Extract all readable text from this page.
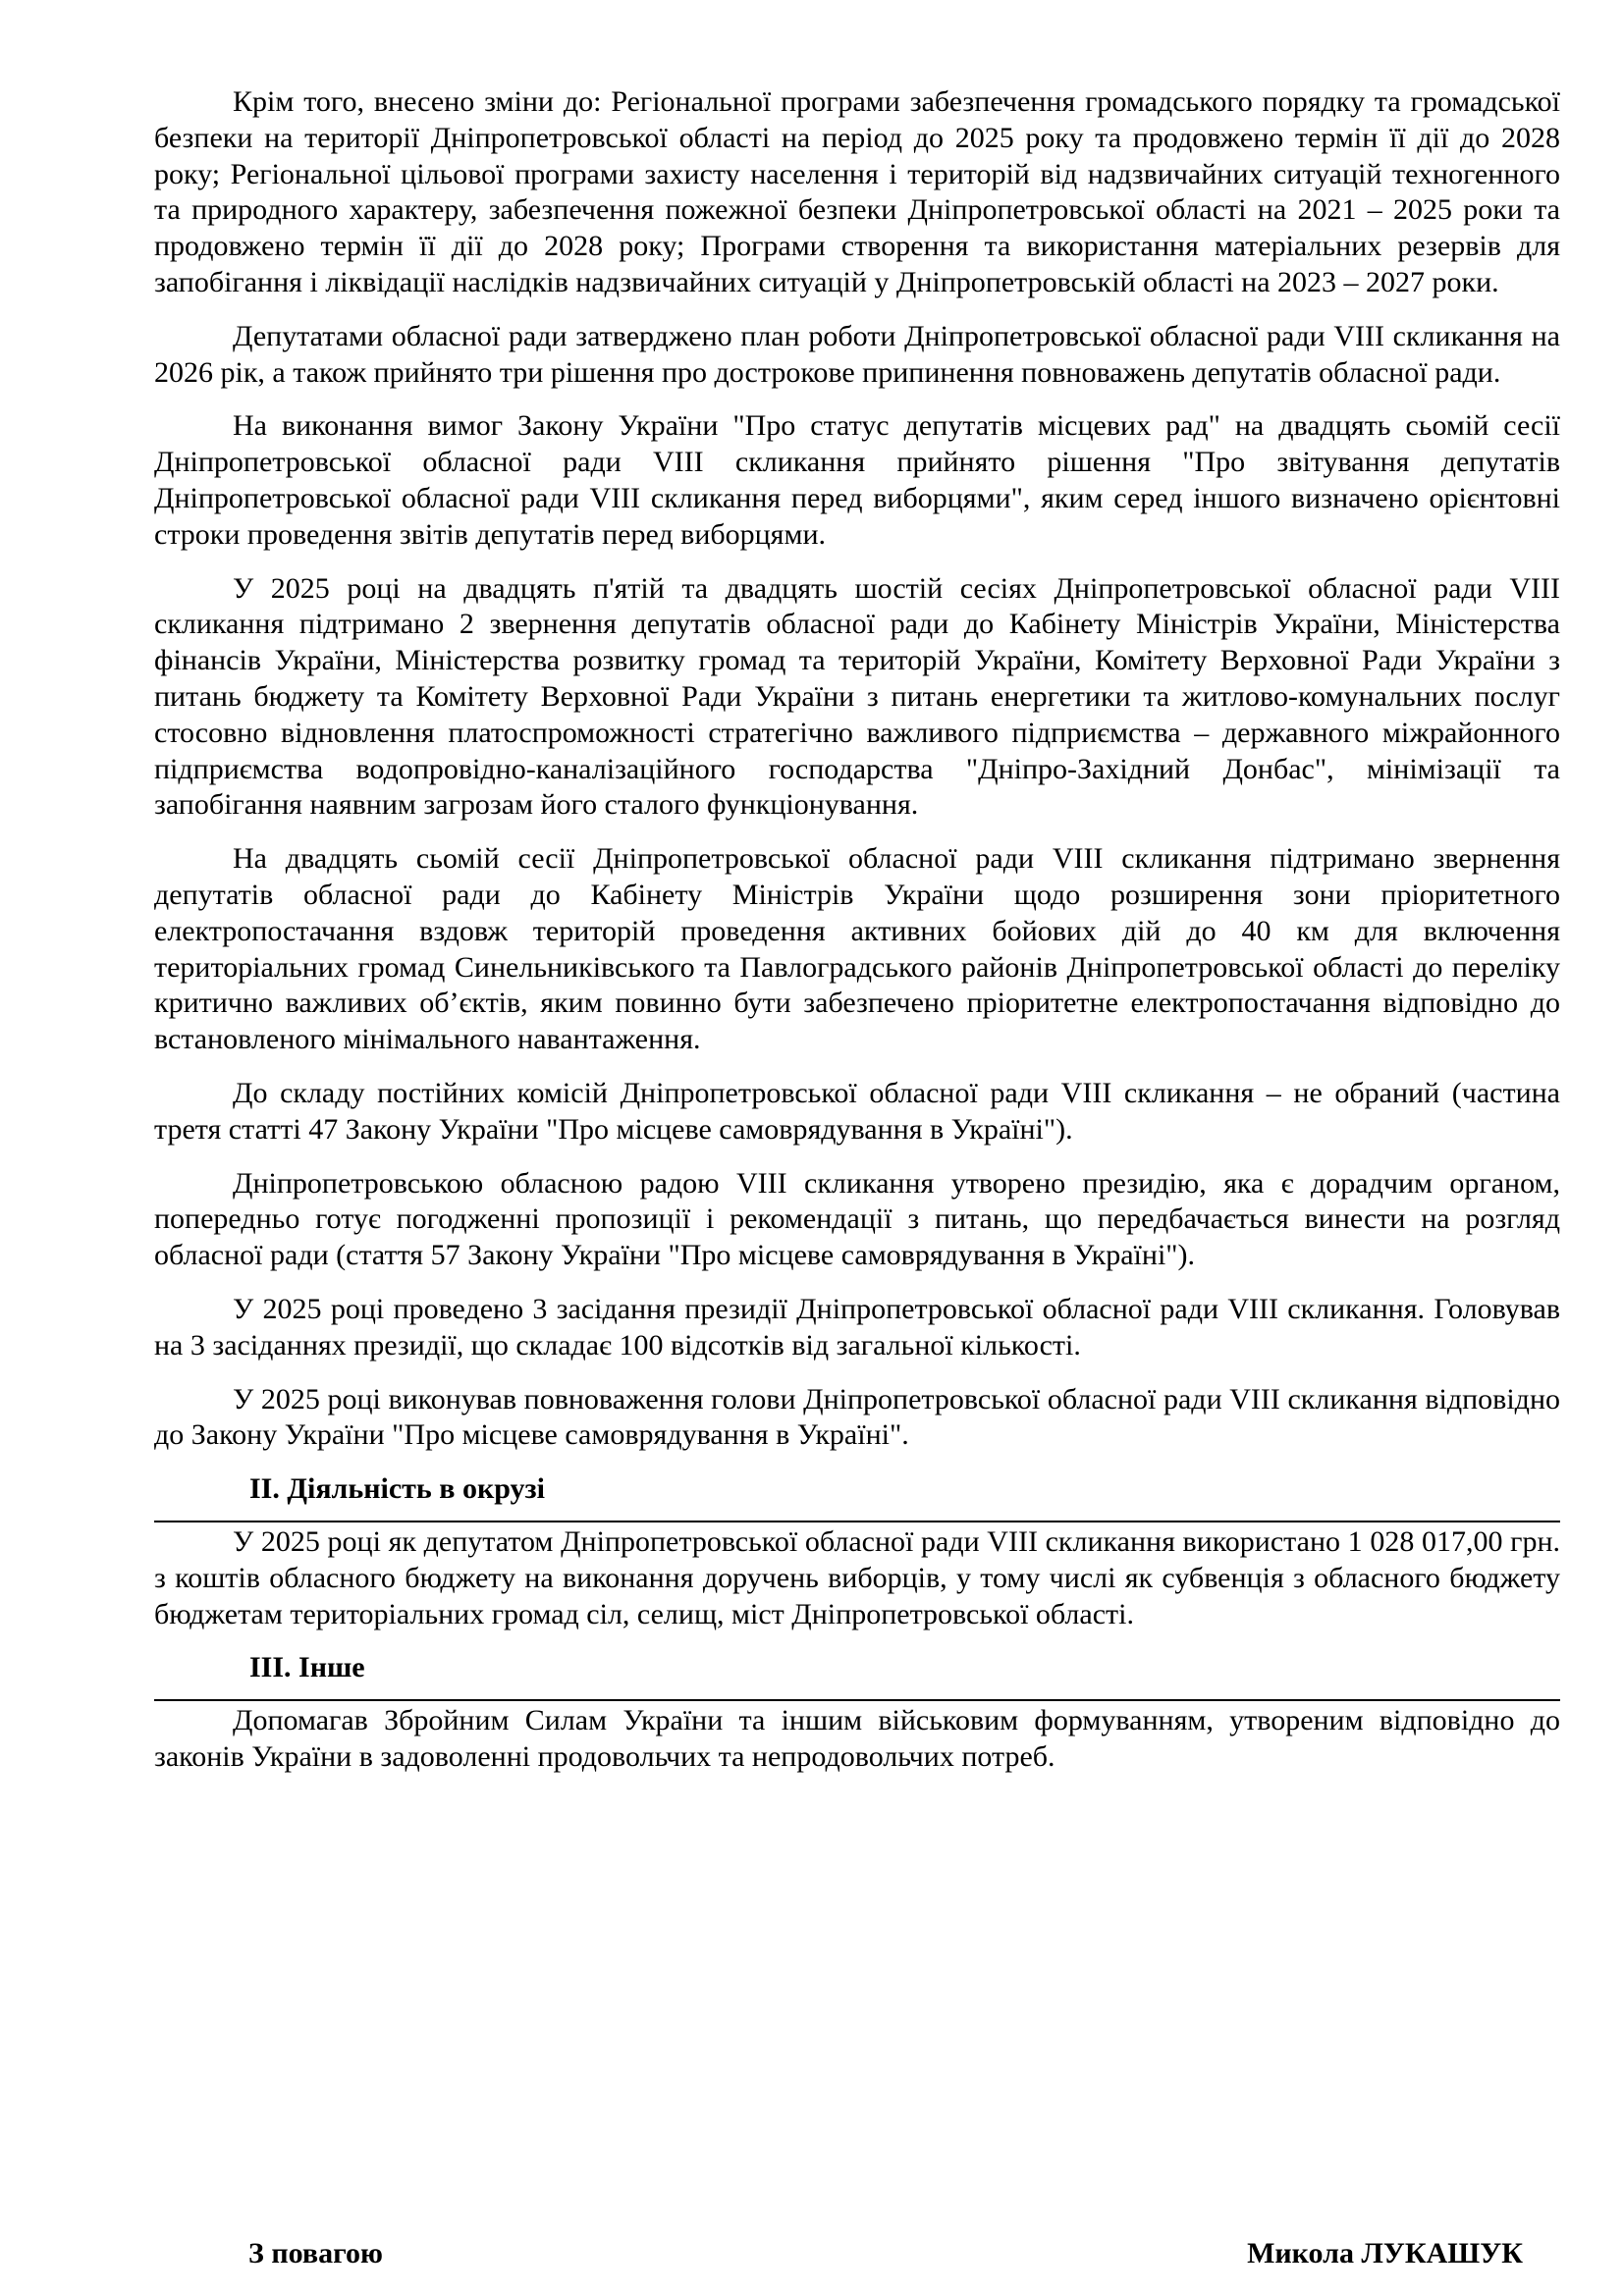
Крім того, внесено зміни до: Регіональної програми забезпечення громадського порядку та громадської безпеки на території Дніпропетровської області на період до 2025 року та продовжено термін її дії до 2028 року; Регіональної цільової програми захисту населення і територій від надзвичайних ситуацій техногенного та природного характеру, забезпечення пожежної безпеки Дніпропетровської області на 2021 – 2025 роки та продовжено термін її дії до 2028 року; Програми створення та використання матеріальних резервів для запобігання і ліквідації наслідків надзвичайних ситуацій у Дніпропетровській області на 2023 – 2027 роки.

Депутатами обласної ради затверджено план роботи Дніпропетровської обласної ради VIII скликання на 2026 рік, а також прийнято три рішення про дострокове припинення повноважень депутатів обласної ради.

На виконання вимог Закону України "Про статус депутатів місцевих рад" на двадцять сьомій сесії Дніпропетровської обласної ради VIII скликання прийнято рішення "Про звітування депутатів Дніпропетровської обласної ради VIII скликання перед виборцями", яким серед іншого визначено орієнтовні строки проведення звітів депутатів перед виборцями.

У 2025 році на двадцять п'ятій та двадцять шостій сесіях Дніпропетровської обласної ради VIII скликання підтримано 2 звернення депутатів обласної ради до Кабінету Міністрів України, Міністерства фінансів України, Міністерства розвитку громад та територій України, Комітету Верховної Ради України з питань бюджету та Комітету Верховної Ради України з питань енергетики та житлово-комунальних послуг стосовно відновлення платоспроможності стратегічно важливого підприємства – державного міжрайонного підприємства водопровідно-каналізаційного господарства "Дніпро-Західний Донбас", мінімізації та запобігання наявним загрозам його сталого функціонування.

На двадцять сьомій сесії Дніпропетровської обласної ради VIII скликання підтримано звернення депутатів обласної ради до Кабінету Міністрів України щодо розширення зони пріоритетного електропостачання вздовж територій проведення активних бойових дій до 40 км для включення територіальних громад Синельниківського та Павлоградського районів Дніпропетровської області до переліку критично важливих об’єктів, яким повинно бути забезпечено пріоритетне електропостачання відповідно до встановленого мінімального навантаження.

До складу постійних комісій Дніпропетровської обласної ради VIII скликання – не обраний (частина третя статті 47 Закону України "Про місцеве самоврядування в Україні").

Дніпропетровською обласною радою VIII скликання утворено президію, яка є дорадчим органом, попередньо готує погодженні пропозиції і рекомендації з питань, що передбачається винести на розгляд обласної ради (стаття 57 Закону України "Про місцеве самоврядування в Україні").

У 2025 році проведено 3 засідання президії Дніпропетровської обласної ради VIII скликання. Головував на 3 засіданнях президії, що складає 100 відсотків від загальної кількості.

У 2025 році виконував повноваження голови Дніпропетровської обласної ради VIII скликання відповідно до Закону України "Про місцеве самоврядування в Україні".

ІІ. Діяльність в окрузі

У 2025 році як депутатом Дніпропетровської обласної ради VIII скликання використано 1 028 017,00 грн. з коштів обласного бюджету на виконання доручень виборців, у тому числі як субвенція з обласного бюджету бюджетам територіальних громад сіл, селищ, міст Дніпропетровської області.

ІІІ. Інше

Допомагав Збройним Силам України та іншим військовим формуванням, утвореним відповідно до законів України в задоволенні продовольчих та непродовольчих потреб.

З повагою	Микола ЛУКАШУК
